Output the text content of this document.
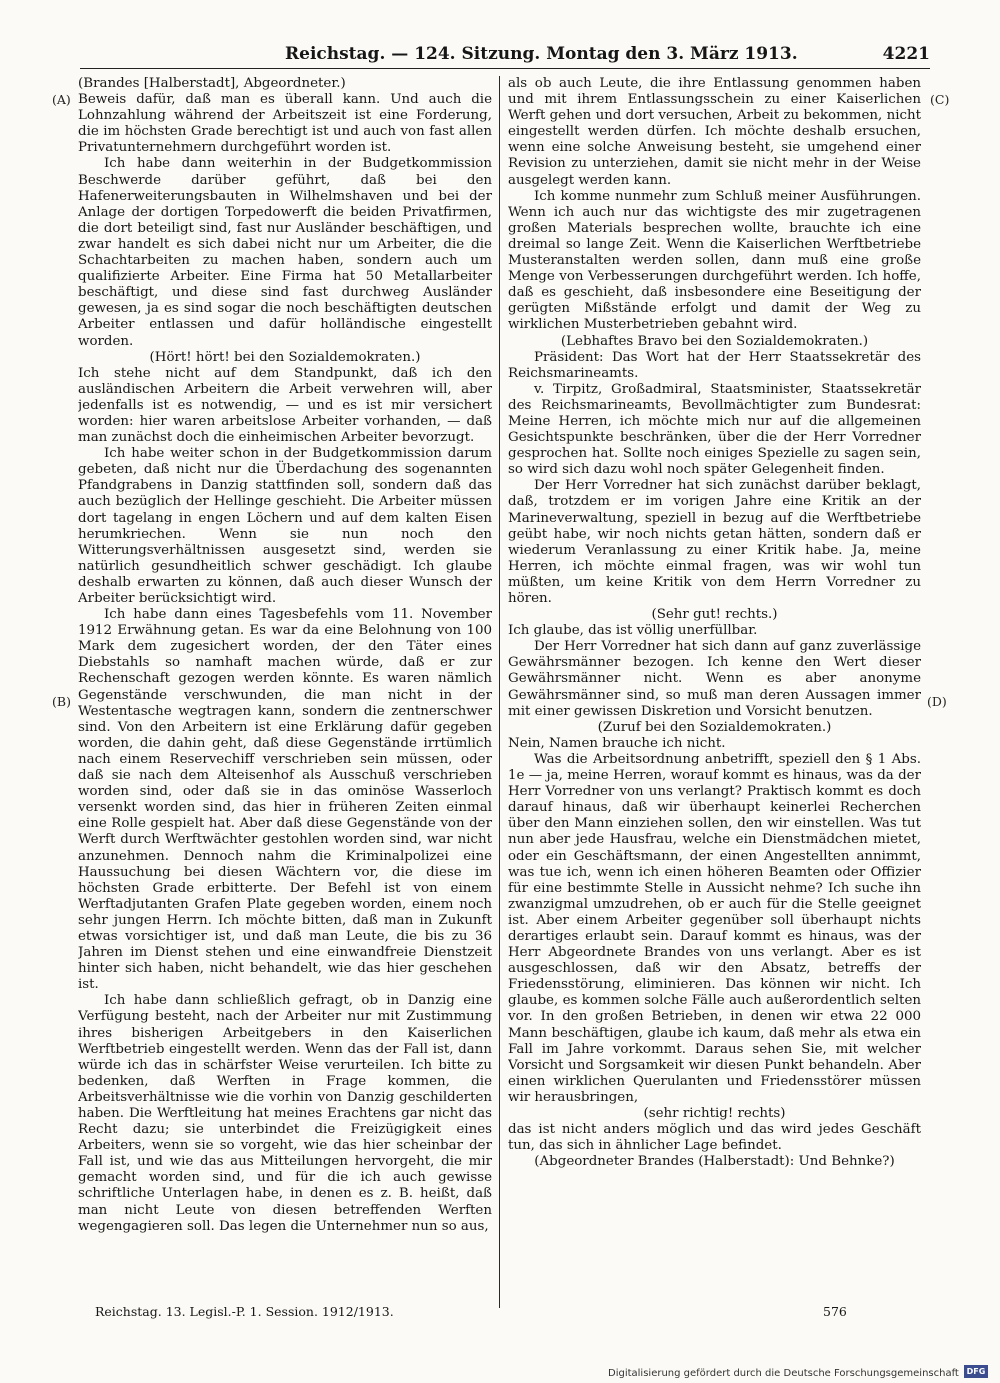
Reichstag. — 124. Sitzung. Montag den 3. März 1913.	4221

(A)
(B)
(C)
(D)

(Brandes [Halberstadt], Abgeordneter.)

Beweis dafür, daß man es überall kann. Und auch die Lohnzahlung während der Arbeitszeit ist eine Forderung, die im höchsten Grade berechtigt ist und auch von fast allen Privatunternehmern durchgeführt worden ist.

Ich habe dann weiterhin in der Budgetkommission Beschwerde darüber geführt, daß bei den Hafenerweiterungsbauten in Wilhelmshaven und bei der Anlage der dortigen Torpedowerft die beiden Privatfirmen, die dort beteiligt sind, fast nur Ausländer beschäftigen, und zwar handelt es sich dabei nicht nur um Arbeiter, die die Schachtarbeiten zu machen haben, sondern auch um qualifizierte Arbeiter. Eine Firma hat 50 Metallarbeiter beschäftigt, und diese sind fast durchweg Ausländer gewesen, ja es sind sogar die noch beschäftigten deutschen Arbeiter entlassen und dafür holländische eingestellt worden.

(Hört! hört! bei den Sozialdemokraten.)

Ich stehe nicht auf dem Standpunkt, daß ich den ausländischen Arbeitern die Arbeit verwehren will, aber jedenfalls ist es notwendig, — und es ist mir versichert worden: hier waren arbeitslose Arbeiter vorhanden, — daß man zunächst doch die einheimischen Arbeiter bevorzugt.

Ich habe weiter schon in der Budgetkommission darum gebeten, daß nicht nur die Überdachung des sogenannten Pfandgrabens in Danzig stattfinden soll, sondern daß das auch bezüglich der Hellinge geschieht. Die Arbeiter müssen dort tagelang in engen Löchern und auf dem kalten Eisen herumkriechen. Wenn sie nun noch den Witterungsverhältnissen ausgesetzt sind, werden sie natürlich gesundheitlich schwer geschädigt. Ich glaube deshalb erwarten zu können, daß auch dieser Wunsch der Arbeiter berücksichtigt wird.

Ich habe dann eines Tagesbefehls vom 11. November 1912 Erwähnung getan. Es war da eine Belohnung von 100 Mark dem zugesichert worden, der den Täter eines Diebstahls so namhaft machen würde, daß er zur Rechenschaft gezogen werden könnte. Es waren nämlich Gegenstände verschwunden, die man nicht in der Westentasche wegtragen kann, sondern die zentnerschwer sind. Von den Arbeitern ist eine Erklärung dafür gegeben worden, die dahin geht, daß diese Gegenstände irrtümlich nach einem Reservechiff verschrieben sein müssen, oder daß sie nach dem Alteisenhof als Ausschuß verschrieben worden sind, oder daß sie in das ominöse Wasserloch versenkt worden sind, das hier in früheren Zeiten einmal eine Rolle gespielt hat. Aber daß diese Gegenstände von der Werft durch Werftwächter gestohlen worden sind, war nicht anzunehmen. Dennoch nahm die Kriminalpolizei eine Haussuchung bei diesen Wächtern vor, die diese im höchsten Grade erbitterte. Der Befehl ist von einem Werftadjutanten Grafen Plate gegeben worden, einem noch sehr jungen Herrn. Ich möchte bitten, daß man in Zukunft etwas vorsichtiger ist, und daß man Leute, die bis zu 36 Jahren im Dienst stehen und eine einwandfreie Dienstzeit hinter sich haben, nicht behandelt, wie das hier geschehen ist.

Ich habe dann schließlich gefragt, ob in Danzig eine Verfügung besteht, nach der Arbeiter nur mit Zustimmung ihres bisherigen Arbeitgebers in den Kaiserlichen Werftbetrieb eingestellt werden. Wenn das der Fall ist, dann würde ich das in schärfster Weise verurteilen. Ich bitte zu bedenken, daß Werften in Frage kommen, die Arbeitsverhältnisse wie die vorhin von Danzig geschilderten haben. Die Werftleitung hat meines Erachtens gar nicht das Recht dazu; sie unterbindet die Freizügigkeit eines Arbeiters, wenn sie so vorgeht, wie das hier scheinbar der Fall ist, und wie das aus Mitteilungen hervorgeht, die mir gemacht worden sind, und für die ich auch gewisse schriftliche Unterlagen habe, in denen es z. B. heißt, daß man nicht Leute von diesen betreffenden Werften wegengagieren soll. Das legen die Unternehmer nun so aus,

als ob auch Leute, die ihre Entlassung genommen haben und mit ihrem Entlassungsschein zu einer Kaiserlichen Werft gehen und dort versuchen, Arbeit zu bekommen, nicht eingestellt werden dürfen. Ich möchte deshalb ersuchen, wenn eine solche Anweisung besteht, sie umgehend einer Revision zu unterziehen, damit sie nicht mehr in der Weise ausgelegt werden kann.

Ich komme nunmehr zum Schluß meiner Ausführungen. Wenn ich auch nur das wichtigste des mir zugetragenen großen Materials besprechen wollte, brauchte ich eine dreimal so lange Zeit. Wenn die Kaiserlichen Werftbetriebe Musteranstalten werden sollen, dann muß eine große Menge von Verbesserungen durchgeführt werden. Ich hoffe, daß es geschieht, daß insbesondere eine Beseitigung der gerügten Mißstände erfolgt und damit der Weg zu wirklichen Musterbetrieben gebahnt wird.

(Lebhaftes Bravo bei den Sozialdemokraten.)

Präsident: Das Wort hat der Herr Staatssekretär des Reichsmarineamts.

v. Tirpitz, Großadmiral, Staatsminister, Staatssekretär des Reichsmarineamts, Bevollmächtigter zum Bundesrat: Meine Herren, ich möchte mich nur auf die allgemeinen Gesichtspunkte beschränken, über die der Herr Vorredner gesprochen hat. Sollte noch einiges Spezielle zu sagen sein, so wird sich dazu wohl noch später Gelegenheit finden.

Der Herr Vorredner hat sich zunächst darüber beklagt, daß, trotzdem er im vorigen Jahre eine Kritik an der Marineverwaltung, speziell in bezug auf die Werftbetriebe geübt habe, wir noch nichts getan hätten, sondern daß er wiederum Veranlassung zu einer Kritik habe. Ja, meine Herren, ich möchte einmal fragen, was wir wohl tun müßten, um keine Kritik von dem Herrn Vorredner zu hören.

(Sehr gut! rechts.)

Ich glaube, das ist völlig unerfüllbar.

Der Herr Vorredner hat sich dann auf ganz zuverlässige Gewährsmänner bezogen. Ich kenne den Wert dieser Gewährsmänner nicht. Wenn es aber anonyme Gewährsmänner sind, so muß man deren Aussagen immer mit einer gewissen Diskretion und Vorsicht benutzen.

(Zuruf bei den Sozialdemokraten.)

Nein, Namen brauche ich nicht.

Was die Arbeitsordnung anbetrifft, speziell den § 1 Abs. 1e — ja, meine Herren, worauf kommt es hinaus, was da der Herr Vorredner von uns verlangt? Praktisch kommt es doch darauf hinaus, daß wir überhaupt keinerlei Recherchen über den Mann einziehen sollen, den wir einstellen. Was tut nun aber jede Hausfrau, welche ein Dienstmädchen mietet, oder ein Geschäftsmann, der einen Angestellten annimmt, was tue ich, wenn ich einen höheren Beamten oder Offizier für eine bestimmte Stelle in Aussicht nehme? Ich suche ihn zwanzigmal umzudrehen, ob er auch für die Stelle geeignet ist. Aber einem Arbeiter gegenüber soll überhaupt nichts derartiges erlaubt sein. Darauf kommt es hinaus, was der Herr Abgeordnete Brandes von uns verlangt. Aber es ist ausgeschlossen, daß wir den Absatz, betreffs der Friedensstörung, eliminieren. Das können wir nicht. Ich glaube, es kommen solche Fälle auch außerordentlich selten vor. In den großen Betrieben, in denen wir etwa 22 000 Mann beschäftigen, glaube ich kaum, daß mehr als etwa ein Fall im Jahre vorkommt. Daraus sehen Sie, mit welcher Vorsicht und Sorgsamkeit wir diesen Punkt behandeln. Aber einen wirklichen Querulanten und Friedensstörer müssen wir herausbringen,

(sehr richtig! rechts)

das ist nicht anders möglich und das wird jedes Geschäft tun, das sich in ähnlicher Lage befindet.

(Abgeordneter Brandes (Halberstadt): Und Behnke?)

Reichstag. 13. Legisl.-P. 1. Session. 1912/1913.	576
Digitalisierung gefördert durch die Deutsche Forschungsgemeinschaft DFG
